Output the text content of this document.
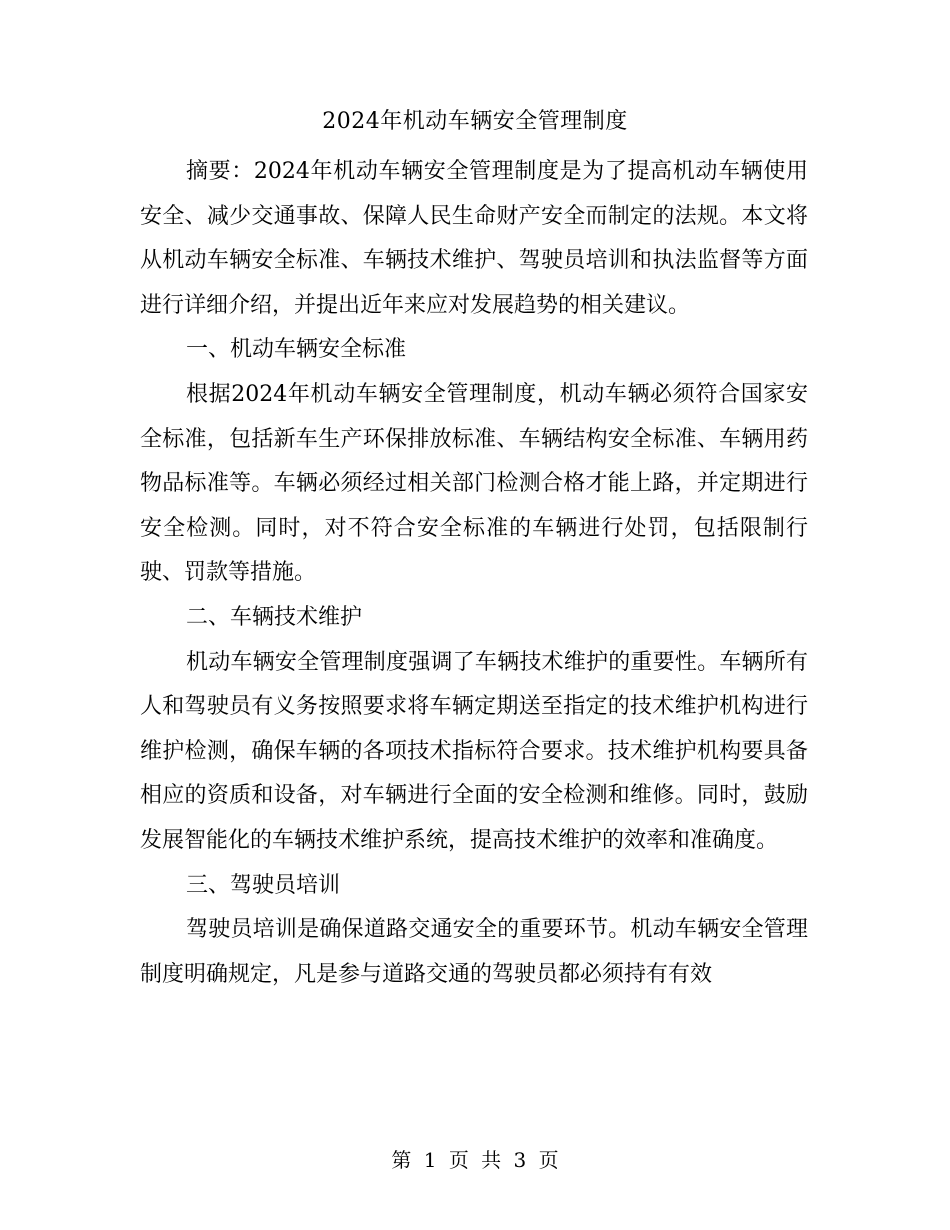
2024年机动车辆安全管理制度

摘要：2024年机动车辆安全管理制度是为了提高机动车辆使用安全、减少交通事故、保障人民生命财产安全而制定的法规。本文将从机动车辆安全标准、车辆技术维护、驾驶员培训和执法监督等方面进行详细介绍，并提出近年来应对发展趋势的相关建议。

一、机动车辆安全标准

根据2024年机动车辆安全管理制度，机动车辆必须符合国家安全标准，包括新车生产环保排放标准、车辆结构安全标准、车辆用药物品标准等。车辆必须经过相关部门检测合格才能上路，并定期进行安全检测。同时，对不符合安全标准的车辆进行处罚，包括限制行驶、罚款等措施。

二、车辆技术维护

机动车辆安全管理制度强调了车辆技术维护的重要性。车辆所有人和驾驶员有义务按照要求将车辆定期送至指定的技术维护机构进行维护检测，确保车辆的各项技术指标符合要求。技术维护机构要具备相应的资质和设备，对车辆进行全面的安全检测和维修。同时，鼓励发展智能化的车辆技术维护系统，提高技术维护的效率和准确度。

三、驾驶员培训

驾驶员培训是确保道路交通安全的重要环节。机动车辆安全管理制度明确规定，凡是参与道路交通的驾驶员都必须持有有效

第 1 页 共 3 页
